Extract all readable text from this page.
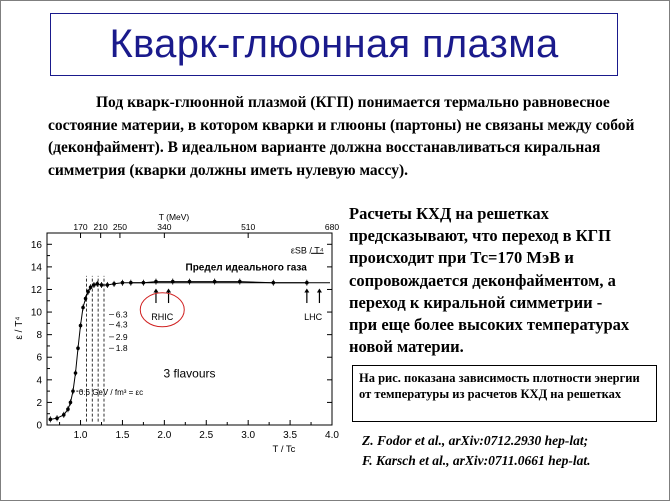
Кварк-глюонная плазма
Под кварк-глюонной плазмой (КГП) понимается термально равновесное состояние материи, в котором кварки и глюоны (партоны) не связаны между собой (деконфаймент). В идеальном варианте должна восстанавливаться киральная симметрия (кварки должны иметь нулевую массу).
0
2
4
6
8
10
12
14
16
1.0	1.5	2.0	2.5	3.0	3.5	4.0
170 210 250	340	510	680
T (MeV)
T / Tc
ε / T⁴
εSB / T⁴
Предел идеального газа
1.8
2.9
4.3
6.3
0.6 GeV / fm³ = εc
RHIC	LHC
3 flavours
Расчеты КХД на решетках
предсказывают, что переход в КГП
происходит при Тс=170 МэВ и
сопровождается деконфайментом, а
переход к киральной симметрии -
при еще более высоких температурах
новой материи.
На рис. показана зависимость плотности энергии от температуры из расчетов КХД на решетках
Z. Fodor et al., arXiv:0712.2930 hep-lat;
F. Karsch et al., arXiv:0711.0661 hep-lat.
